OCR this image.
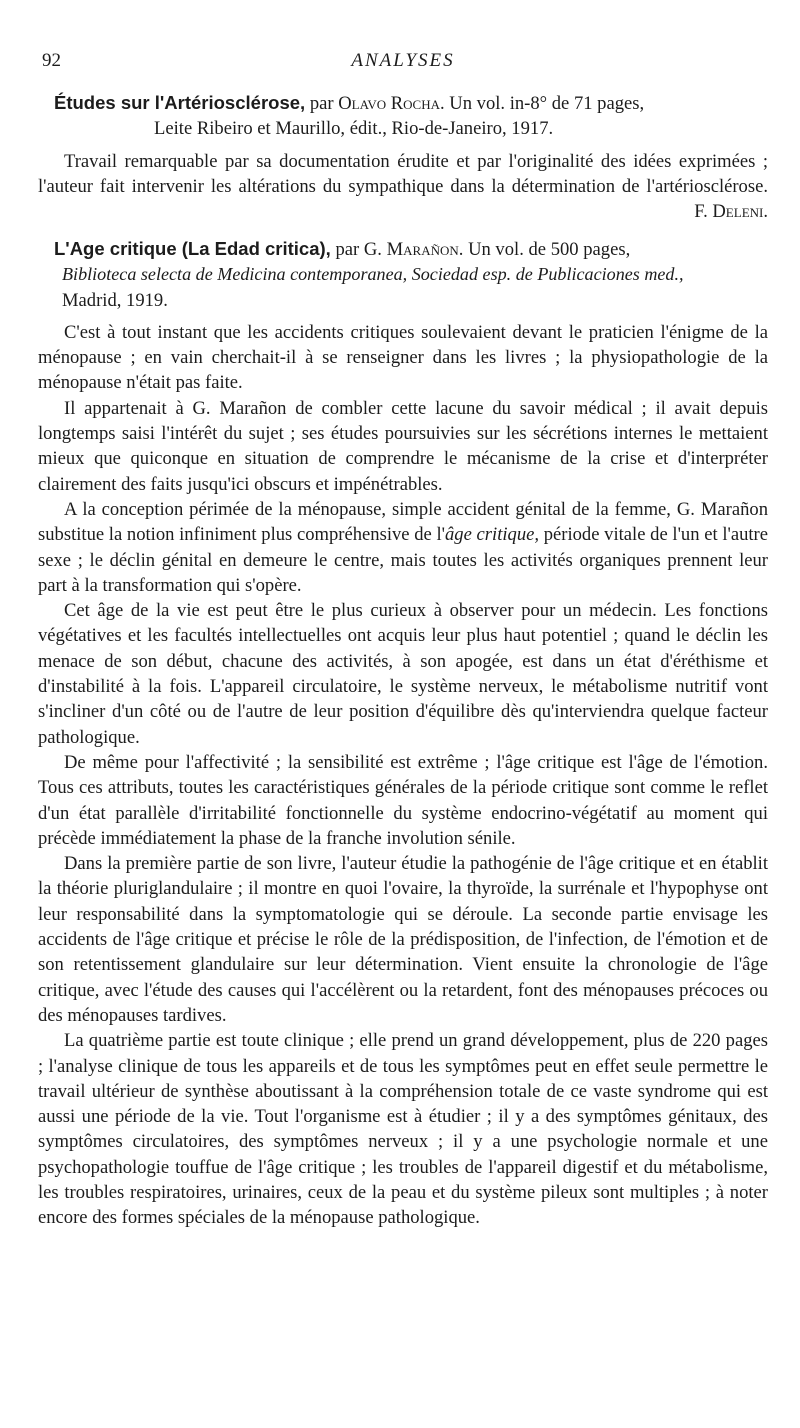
92	ANALYSES
Études sur l'Artériosclérose, par Olavo Rocha. Un vol. in-8° de 71 pages,
Leite Ribeiro et Maurillo, édit., Rio-de-Janeiro, 1917.

Travail remarquable par sa documentation érudite et par l'originalité des idées exprimées ; l'auteur fait intervenir les altérations du sympathique dans la détermination de l'artériosclérose.
F. Deleni.

L'Age critique (La Edad critica), par G. Marañon. Un vol. de 500 pages,
Biblioteca selecta de Medicina contemporanea, Sociedad esp. de Publicaciones med.,
Madrid, 1919.

C'est à tout instant que les accidents critiques soulevaient devant le praticien l'énigme de la ménopause ; en vain cherchait-il à se renseigner dans les livres ; la physiopathologie de la ménopause n'était pas faite.

Il appartenait à G. Marañon de combler cette lacune du savoir médical ; il avait depuis longtemps saisi l'intérêt du sujet ; ses études poursuivies sur les sécrétions internes le mettaient mieux que quiconque en situation de comprendre le mécanisme de la crise et d'interpréter clairement des faits jusqu'ici obscurs et impénétrables.

A la conception périmée de la ménopause, simple accident génital de la femme, G. Marañon substitue la notion infiniment plus compréhensive de l'âge critique, période vitale de l'un et l'autre sexe ; le déclin génital en demeure le centre, mais toutes les activités organiques prennent leur part à la transformation qui s'opère.

Cet âge de la vie est peut être le plus curieux à observer pour un médecin. Les fonctions végétatives et les facultés intellectuelles ont acquis leur plus haut potentiel ; quand le déclin les menace de son début, chacune des activités, à son apogée, est dans un état d'éréthisme et d'instabilité à la fois. L'appareil circulatoire, le système nerveux, le métabolisme nutritif vont s'incliner d'un côté ou de l'autre de leur position d'équilibre dès qu'interviendra quelque facteur pathologique.

De même pour l'affectivité ; la sensibilité est extrême ; l'âge critique est l'âge de l'émotion. Tous ces attributs, toutes les caractéristiques générales de la période critique sont comme le reflet d'un état parallèle d'irritabilité fonctionnelle du système endocrino-végétatif au moment qui précède immédiatement la phase de la franche involution sénile.

Dans la première partie de son livre, l'auteur étudie la pathogénie de l'âge critique et en établit la théorie pluriglandulaire ; il montre en quoi l'ovaire, la thyroïde, la surrénale et l'hypophyse ont leur responsabilité dans la symptomatologie qui se déroule. La seconde partie envisage les accidents de l'âge critique et précise le rôle de la prédisposition, de l'infection, de l'émotion et de son retentissement glandulaire sur leur détermination. Vient ensuite la chronologie de l'âge critique, avec l'étude des causes qui l'accélèrent ou la retardent, font des ménopauses précoces ou des ménopauses tardives.

La quatrième partie est toute clinique ; elle prend un grand développement, plus de 220 pages ; l'analyse clinique de tous les appareils et de tous les symptômes peut en effet seule permettre le travail ultérieur de synthèse aboutissant à la compréhension totale de ce vaste syndrome qui est aussi une période de la vie. Tout l'organisme est à étudier ; il y a des symptômes génitaux, des symptômes circulatoires, des symptômes nerveux ; il y a une psychologie normale et une psychopathologie touffue de l'âge critique ; les troubles de l'appareil digestif et du métabolisme, les troubles respiratoires, urinaires, ceux de la peau et du système pileux sont multiples ; à noter encore des formes spéciales de la ménopause pathologique.
